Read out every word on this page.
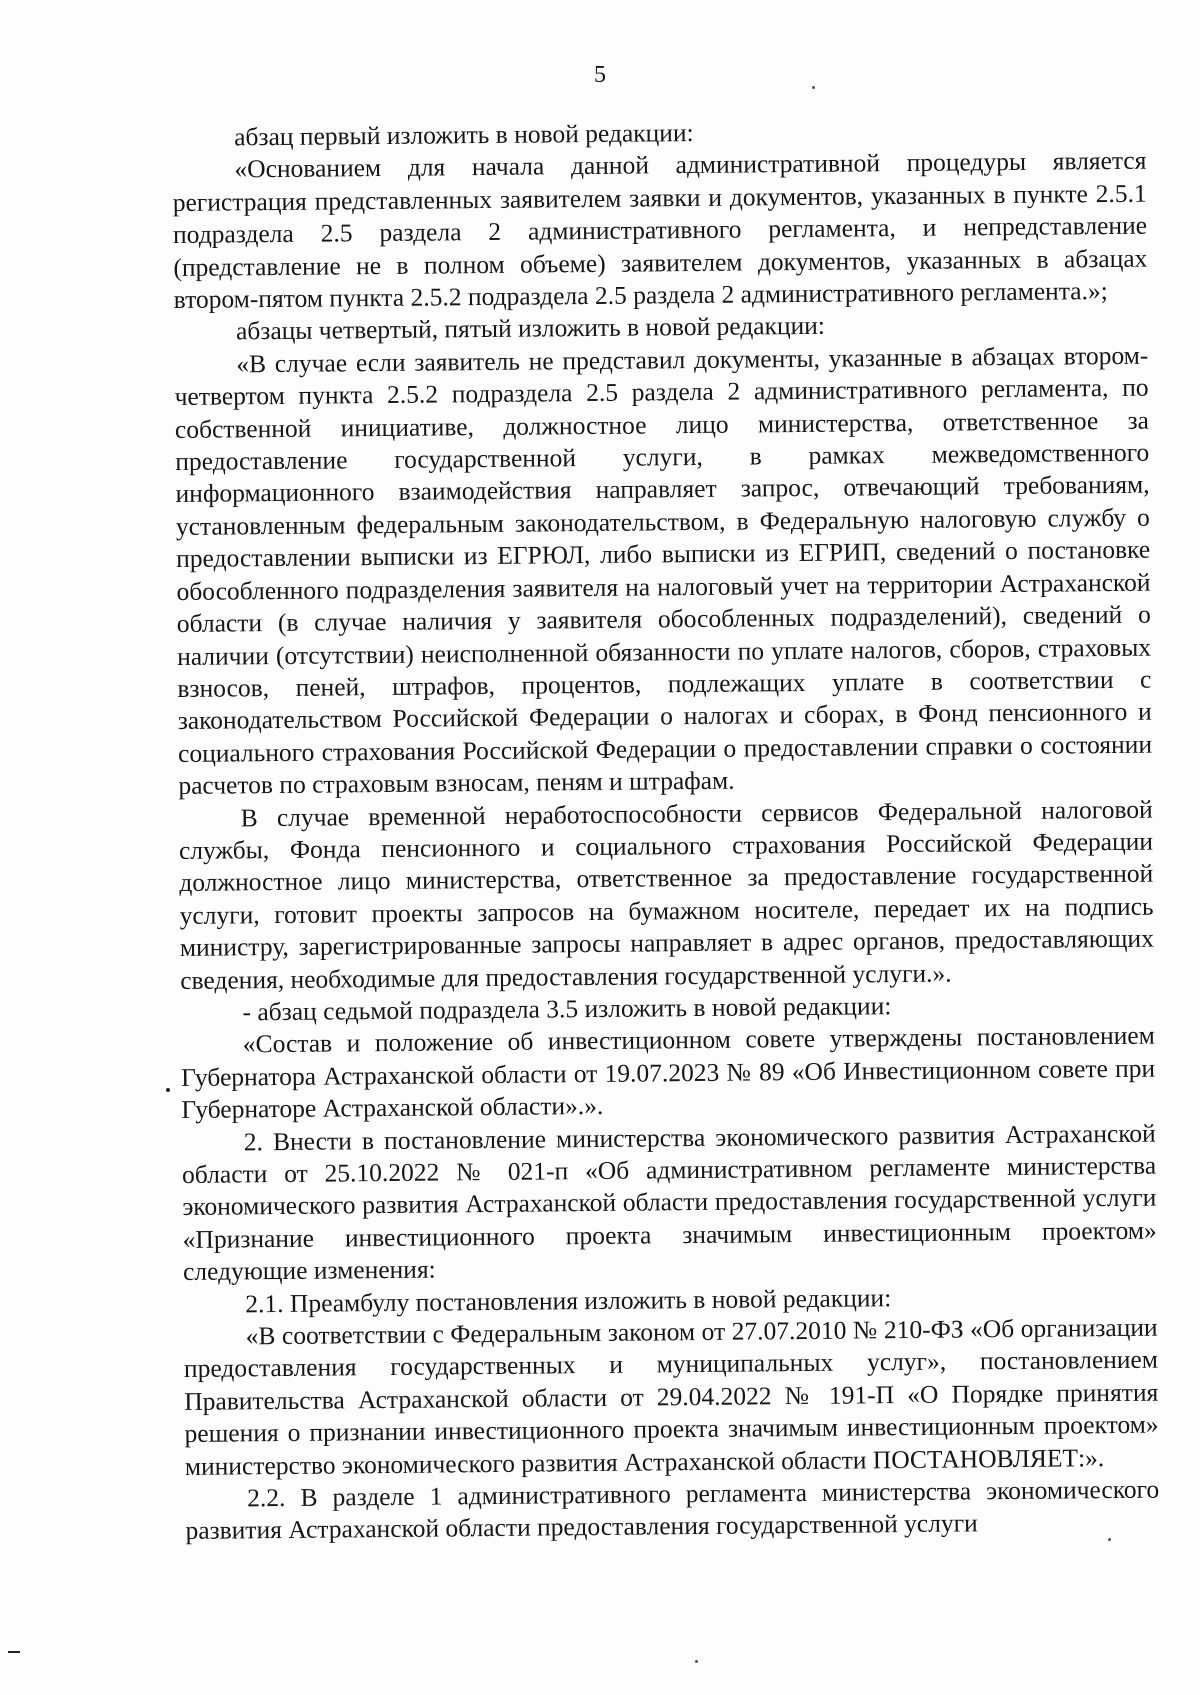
5

абзац первый изложить в новой редакции:

«Основанием для начала данной административной процедуры является регистрация представленных заявителем заявки и документов, указанных в пункте 2.5.1 подраздела 2.5 раздела 2 административного регламента, и непредставление (представление не в полном объеме) заявителем документов, указанных в абзацах втором-пятом пункта 2.5.2 подраздела 2.5 раздела 2 административного регламента.»;

абзацы четвертый, пятый изложить в новой редакции:

«В случае если заявитель не представил документы, указанные в абзацах втором-четвертом пункта 2.5.2 подраздела 2.5 раздела 2 административного регламента, по собственной инициативе, должностное лицо министерства, ответственное за предоставление государственной услуги, в рамках межведомственного информационного взаимодействия направляет запрос, отвечающий требованиям, установленным федеральным законодательством, в Федеральную налоговую службу о предоставлении выписки из ЕГРЮЛ, либо выписки из ЕГРИП, сведений о постановке обособленного подразделения заявителя на налоговый учет на территории Астраханской области (в случае наличия у заявителя обособленных подразделений), сведений о наличии (отсутствии) неисполненной обязанности по уплате налогов, сборов, страховых взносов, пеней, штрафов, процентов, подлежащих уплате в соответствии с законодательством Российской Федерации о налогах и сборах, в Фонд пенсионного и социального страхования Российской Федерации о предоставлении справки о состоянии расчетов по страховым взносам, пеням и штрафам.

В случае временной неработоспособности сервисов Федеральной налоговой службы, Фонда пенсионного и социального страхования Российской Федерации должностное лицо министерства, ответственное за предоставление государственной услуги, готовит проекты запросов на бумажном носителе, передает их на подпись министру, зарегистрированные запросы направляет в адрес органов, предоставляющих сведения, необходимые для предоставления государственной услуги.».

- абзац седьмой подраздела 3.5 изложить в новой редакции:

«Состав и положение об инвестиционном совете утверждены постановлением Губернатора Астраханской области от 19.07.2023 № 89 «Об Инвестиционном совете при Губернаторе Астраханской области».».

2. Внести в постановление министерства экономического развития Астраханской области от 25.10.2022 № 021-п «Об административном регламенте министерства экономического развития Астраханской области предоставления государственной услуги «Признание инвестиционного проекта значимым инвестиционным проектом» следующие изменения:

2.1. Преамбулу постановления изложить в новой редакции:

«В соответствии с Федеральным законом от 27.07.2010 № 210-ФЗ «Об организации предоставления государственных и муниципальных услуг», постановлением Правительства Астраханской области от 29.04.2022 № 191-П «О Порядке принятия решения о признании инвестиционного проекта значимым инвестиционным проектом» министерство экономического развития Астраханской области ПОСТАНОВЛЯЕТ:».

2.2. В разделе 1 административного регламента министерства экономического развития Астраханской области предоставления государственной услуги
